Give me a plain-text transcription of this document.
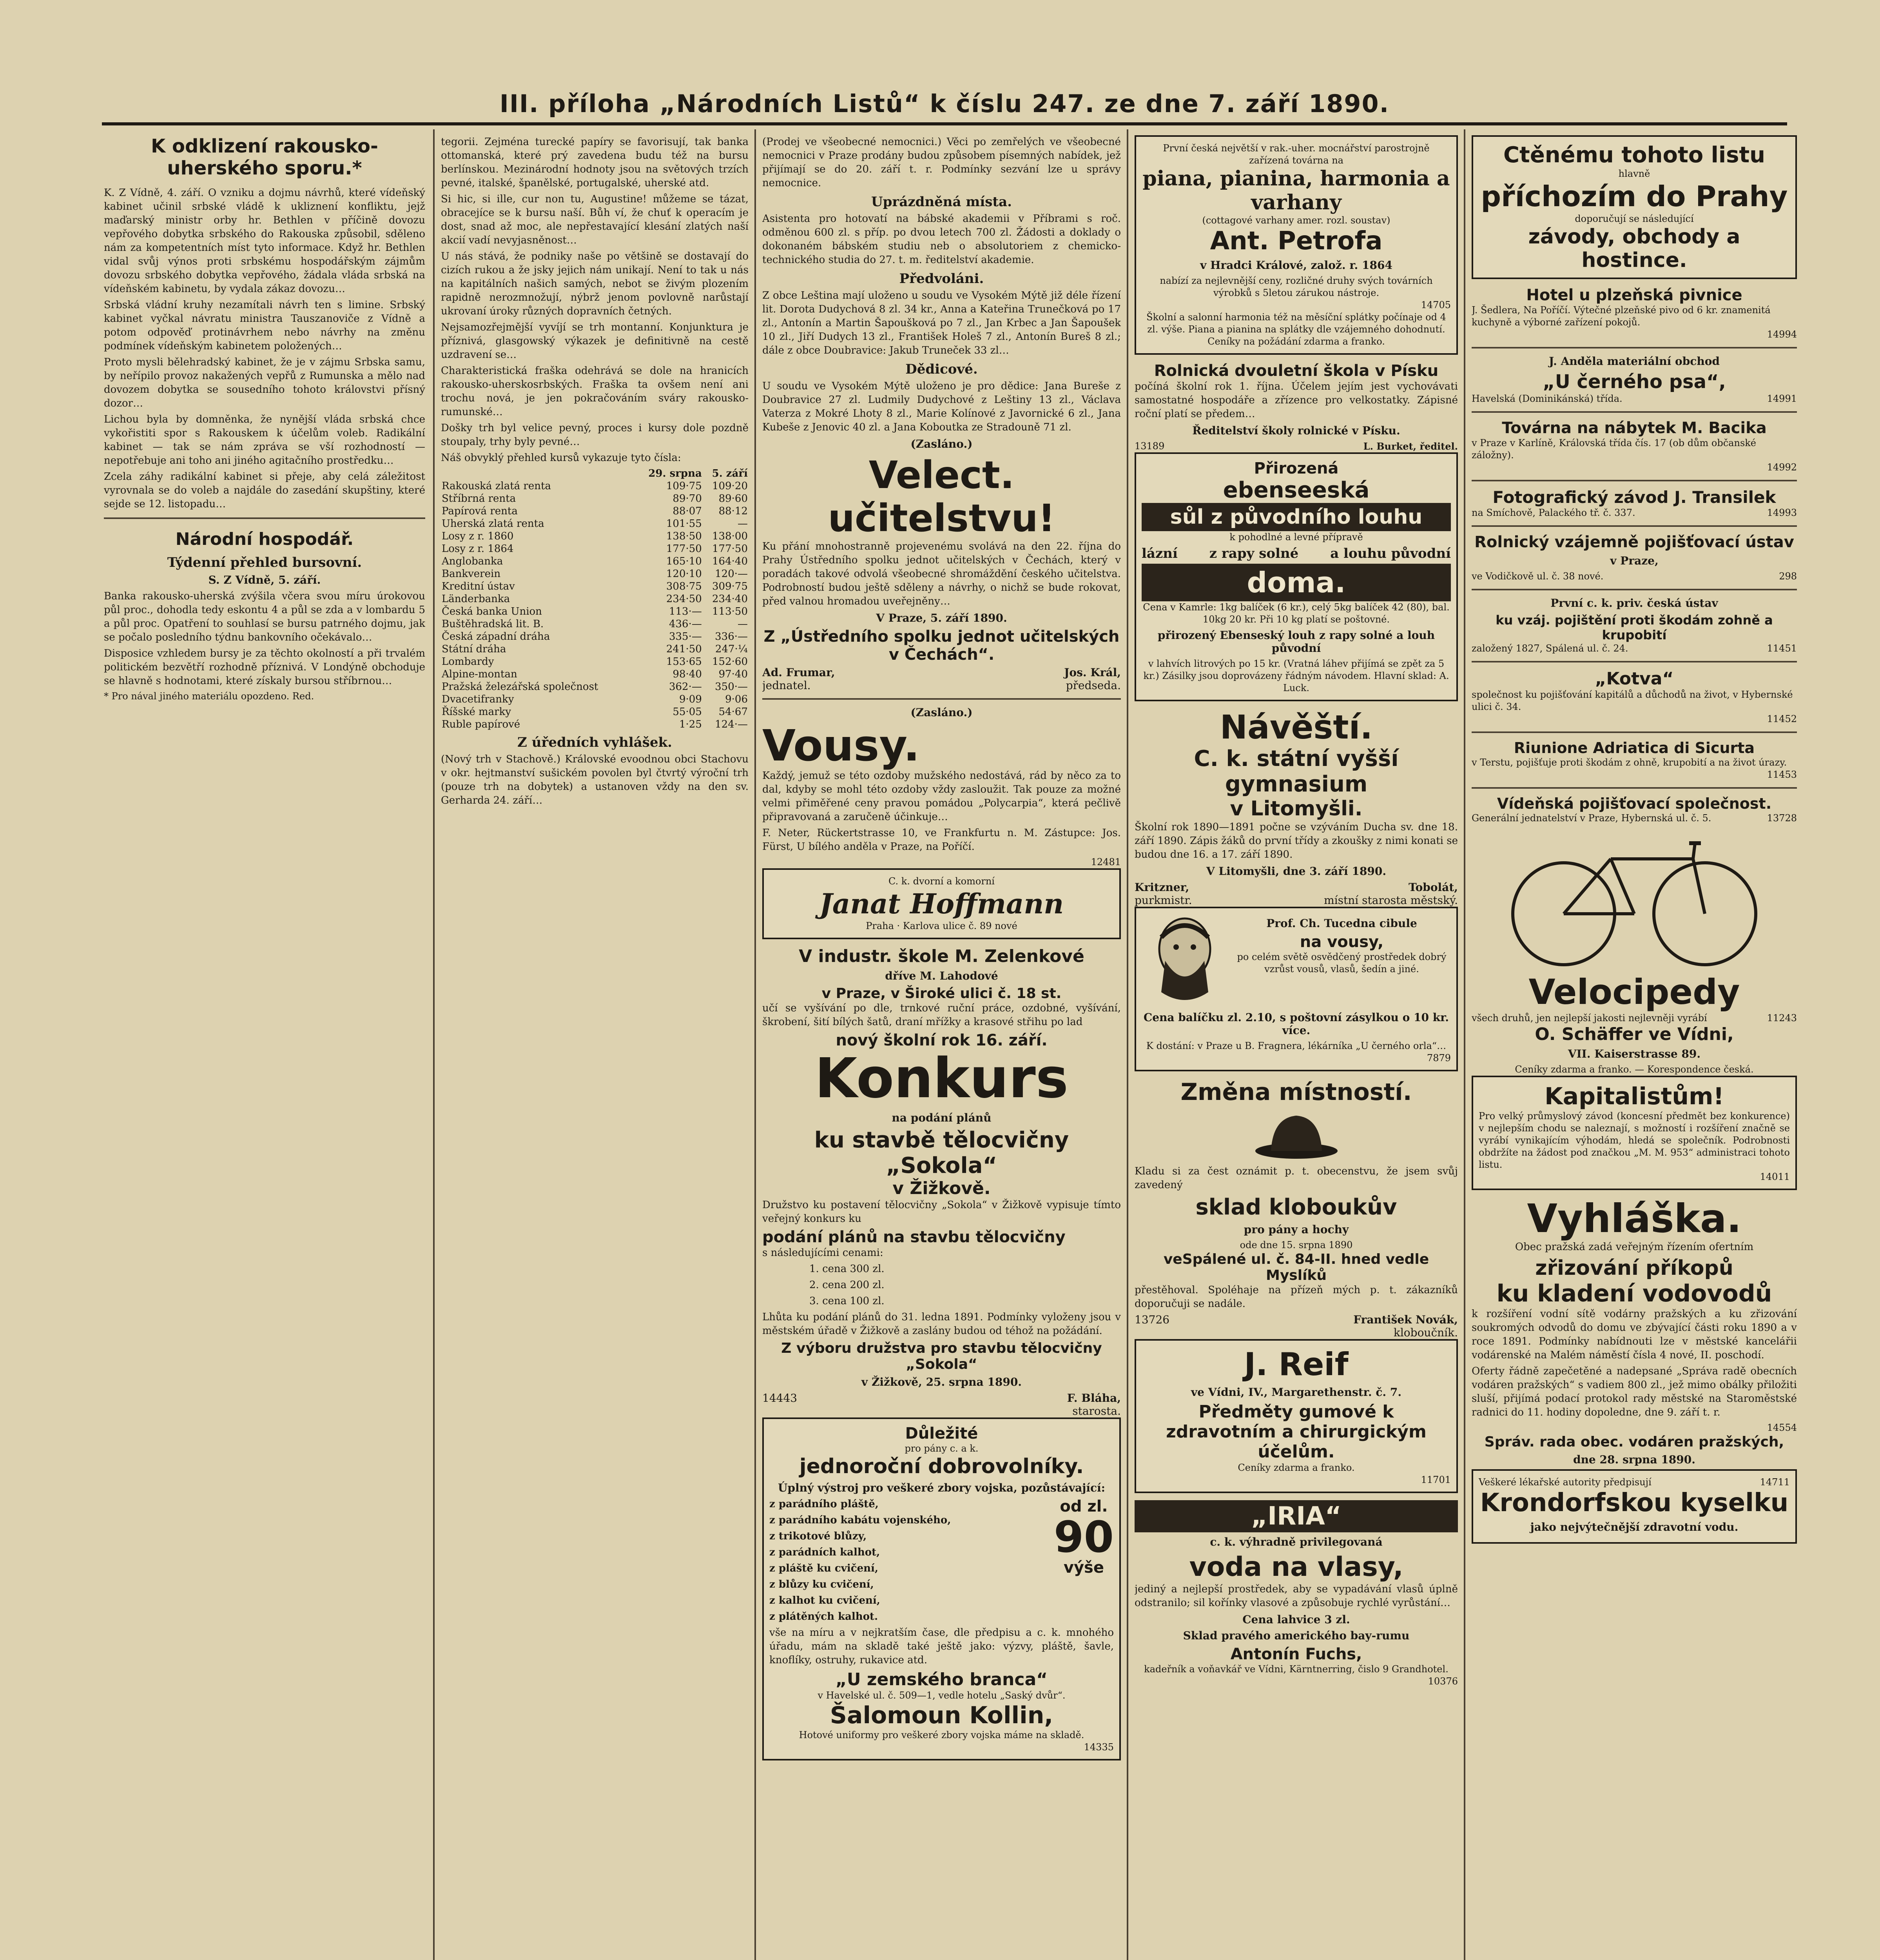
III. příloha „Národních Listů“ k číslu 247. ze dne 7. září 1890.
K odklizení rakousko-uherského sporu.*

K. Z Vídně, 4. září. O vzniku a dojmu návrhů, které vídeňský kabinet učinil srbské vládě k ukliznení konfliktu, jejž maďarský ministr orby hr. Bethlen v příčině dovozu vepřového dobytka srbského do Rakouska způsobil, sděleno nám za kompetentních míst tyto informace. Když hr. Bethlen vidal svůj výnos proti srbskému hospodářským zájmům dovozu srbského dobytka vepřového, žádala vláda srbská na vídeňském kabinetu, by vydala zákaz dovozu…

Srbská vládní kruhy nezamítali návrh ten s limine. Srbský kabinet vyčkal návratu ministra Tauszanoviče z Vídně a potom odpověď protinávrhem nebo návrhy na změnu podmínek vídeňským kabinetem položených…

Proto mysli bělehradský kabinet, že je v zájmu Srbska samu, by neřípilo provoz nakažených vepřů z Rumunska a mělo nad dovozem dobytka se sousedního tohoto královstvi přísný dozor…

Lichou byla by domněnka, že nynější vláda srbská chce vykořistiti spor s Rakouskem k účelům voleb. Radikální kabinet — tak se nám zpráva se vší rozhodností — nepotřebuje ani toho ani jiného agitačního prostředku…

Zcela záhy radikální kabinet si přeje, aby celá záležitost vyrovnala se do voleb a najdále do zasedání skupštiny, které sejde se 12. listopadu…

Národní hospodář.
Týdenní přehled bursovní.
S. Z Vídně, 5. září.

Banka rakousko-uherská zvýšila včera svou míru úrokovou půl proc., dohodla tedy eskontu 4 a půl se zda a v lombardu 5 a půl proc. Opatření to souhlasí se bursu patrného dojmu, jak se počalo posledního týdnu bankovního očekávalo…

Disposice vzhledem bursy je za těchto okolností a při trvalém politickém bezvětří rozhodně příznivá. V Londýně obchoduje se hlavně s hodnotami, které získaly bursou stříbrnou…

* Pro nával jiného materiálu opozdeno. Red.

tegorii. Zejména turecké papíry se favorisují, tak banka ottomanská, které prý zavedena budu též na bursu berlínskou. Mezinárodní hodnoty jsou na světových trzích pevné, italské, španělské, portugalské, uherské atd.

Si hic, si ille, cur non tu, Augustine! můžeme se tázat, obracejíce se k bursu naší. Bůh ví, že chuť k operacím je dost, snad až moc, ale nepřestavající klesání zlatých naší akcií vadí nevyjasněnost…

U nás stává, že podniky naše po většině se dostavají do cizích rukou a že jsky jejich nám unikají. Není to tak u nás na kapitálních našich samých, nebot se živým plozením rapidně nerozmnožují, nýbrž jenom povlovně narůstají ukrovaní úroky různých dopravních četných.

Nejsamozřejmější vyvíjí se trh montanní. Konjunktura je příznivá, glasgowský výkazek je definitivně na cestě uzdravení se…

Charakteristická fraška odehrává se dole na hranicích rakousko-uherskosrbských. Fraška ta ovšem není ani trochu nová, je jen pokračováním sváry rakousko-rumunské…

Došky trh byl velice pevný, proces i kursy dole pozdně stoupaly, trhy byly pevné…

Náš obvyklý přehled kursů vykazuje tyto čísla:

	29. srpna	5. září
Rakouská zlatá renta	109·75	109·20
Stříbrná renta	89·70	89·60
Papírová renta	88·07	88·12
Uherská zlatá renta	101·55	—
Losy z r. 1860	138·50	138·00
Losy z r. 1864	177·50	177·50
Anglobanka	165·10	164·40
Bankverein	120·10	120·—
Kreditní ústav	308·75	309·75
Länderbanka	234·50	234·40
Česká banka Union	113·—	113·50
Buštěhradská lit. B.	436·—	—
Česká západní dráha	335·—	336·—
Státní dráha	241·50	247·¼
Lombardy	153·65	152·60
Alpine-montan	98·40	97·40
Pražská železářská společnost	362·—	350·—
Dvacetifranky	9·09	9·06
Říšské marky	55·05	54·67
Ruble papírové	1·25	124·—
Z úředních vyhlášek.

(Nový trh v Stachově.) Královské evoodnou obci Stachovu v okr. hejtmanství sušickém povolen byl čtvrtý výroční trh (pouze trh na dobytek) a ustanoven vždy na den sv. Gerharda 24. září…

(Prodej ve všeobecné nemocnici.) Věci po zemřelých ve všeobecné nemocnici v Praze prodány budou způsobem písemných nabídek, jež přijímají se do 20. září t. r. Podmínky sezvání lze u správy nemocnice.

Uprázdněná místa.

Asistenta pro hotovatí na bábské akademii v Příbrami s roč. odměnou 600 zl. s příp. po dvou letech 700 zl. Žádosti a doklady o dokonaném bábském studiu neb o absolutoriem z chemicko-technického studia do 27. t. m. ředitelství akademie.

Předvoláni.

Z obce Leština mají uloženo u soudu ve Vysokém Mýtě již déle řízení lit. Dorota Dudychová 8 zl. 34 kr., Anna a Kateřina Trunečková po 17 zl., Antonín a Martin Šapoušková po 7 zl., Jan Krbec a Jan Šapoušek 10 zl., Jiří Dudych 13 zl., František Holeš 7 zl., Antonín Bureš 8 zl.; dále z obce Doubravice: Jakub Truneček 33 zl…

Dědicové.

U soudu ve Vysokém Mýtě uloženo je pro dědice: Jana Bureše z Doubravice 27 zl. Ludmily Dudychové z Leštiny 13 zl., Václava Vaterza z Mokré Lhoty 8 zl., Marie Kolínové z Javornické 6 zl., Jana Kubeše z Jenovic 40 zl. a Jana Koboutka ze Stradouně 71 zl.

(Zasláno.)
Velect. učitelstvu!

Ku přání mnohostranně projevenému svolává na den 22. října do Prahy Ústředního spolku jednot učitelských v Čechách, který v poradách takové odvolá všeobecné shromáždění českého učitelstva. Podrobností budou ještě sděleny a návrhy, o nichž se bude rokovat, před valnou hromadou uveřejněny…

V Praze, 5. září 1890.
Z „Ústředního spolku jednot učitelských v Čechách“.
Ad. Frumar,
jednatel.
Jos. Král,
předseda.
(Zasláno.)
Vousy.

Každý, jemuž se této ozdoby mužského nedostává, rád by něco za to dal, kdyby se mohl této ozdoby vždy zasloužit. Tak pouze za možné velmi přiměřené ceny pravou pomádou „Polycarpia“, která pečlivě připravovaná a zaručeně účinkuje…

F. Neter, Rückertstrasse 10, ve Frankfurtu n. M. Zástupce: Jos. Fürst, U bílého anděla v Praze, na Poříčí.

12481
C. k. dvorní a komorní
Janat Hoffmann
Praha · Karlova ulice č. 89 nové
V industr. škole M. Zelenkové
dříve M. Lahodové
v Praze, v Široké ulici č. 18 st.

učí se vyšívání po dle, trnkové ruční práce, ozdobné, vyšívání, škrobení, šití bílých šatů, draní mřížky a krasové střihu po lad

nový školní rok 16. září.
Konkurs
na podání plánů
ku stavbě tělocvičny „Sokola“
v Žižkově.

Družstvo ku postavení tělocvičny „Sokola“ v Žižkově vypisuje tímto veřejný konkurs ku

podání plánů na stavbu tělocvičny

s následujícími cenami:

1. cena 300 zl.
2. cena 200 zl.
3. cena 100 zl.

Lhůta ku podání plánů do 31. ledna 1891. Podmínky vyloženy jsou v městském úřadě v Žižkově a zaslány budou od téhož na požádání.

Z výboru družstva pro stavbu tělocvičny „Sokola“
v Žižkově, 25. srpna 1890.
14443	F. Bláha,
starosta.
Důležité
pro pány c. a k.
jednoroční dobrovolníky.
Úplný výstroj pro veškeré zbory vojska, pozůstávající:
z parádního pláště,
z parádního kabátu vojenského,
z trikotové blůzy,
z parádních kalhot,
z pláště ku cvičení,
z blůzy ku cvičení,
z kalhot ku cvičení,
z plátěných kalhot.
od zl.
90
výše

vše na míru a v nejkratším čase, dle předpisu a c. k. mnohého úřadu, mám na skladě také ještě jako: výzvy, pláště, šavle, knoflíky, ostruhy, rukavice atd.

„U zemského branca“
v Havelské ul. č. 509—1, vedle hotelu „Saský dvůr“.
Šalomoun Kollin,
Hotové uniformy pro veškeré zbory vojska máme na skladě.
14335
První česká největší v rak.-uher. mocnářství parostrojně zařízená továrna na
piana, pianina, harmonia a varhany
(cottagové varhany amer. rozl. soustav)
Ant. Petrofa
v Hradci Králové, založ. r. 1864
nabízí za nejlevnější ceny, rozličné druhy svých továrních výrobků s 5letou zárukou nástroje.
14705
Školní a salonní harmonia též na měsíční splátky počínaje od 4 zl. výše. Piana a pianina na splátky dle vzájemného dohodnutí.
Ceníky na požádání zdarma a franko.
Rolnická dvouletní škola v Písku

počíná školní rok 1. října. Účelem jejím jest vychovávati samostatné hospodáře a zřízence pro velkostatky. Zápisné roční platí se předem…

Ředitelství školy rolnické v Písku.
13189	L. Burket, ředitel.
Přirozená
ebenseeská
sůl z původního louhu
k pohodlné a levné přípravě
lázní z rapy solné a louhu původní
doma.
Cena v Kamrle: 1kg balíček (6 kr.), celý 5kg balíček 42 (80), bal. 10kg 20 kr. Při 10 kg platí se poštovné.
přirozený Ebenseský louh z rapy solné a louh původní
v lahvích litrových po 15 kr. (Vratná láhev přijímá se zpět za 5 kr.) Zásilky jsou doprovázeny řádným návodem. Hlavní sklad: A. Luck.
Návěští.
C. k. státní vyšší gymnasium
v Litomyšli.

Školní rok 1890—1891 počne se vzýváním Ducha sv. dne 18. září 1890. Zápis žáků do první třídy a zkoušky z nimi konati se budou dne 16. a 17. září 1890.

V Litomyšli, dne 3. září 1890.
Kritzner,
purkmistr.
Tobolát,
místní starosta městský.
Prof. Ch. Tucedna cibule
na vousy,
po celém světě osvědčený prostředek dobrý vzrůst vousů, vlasů, šedín a jiné.
Cena balíčku zl. 2.10, s poštovní zásylkou o 10 kr. více.
K dostání: v Praze u B. Fragnera, lékárníka „U černého orla“…
7879
Změna místností.

Kladu si za čest oznámit p. t. obecenstvu, že jsem svůj zavedený

sklad kloboukův
pro pány a hochy
ode dne 15. srpna 1890
veSpálené ul. č. 84-II. hned vedle Myslíků

přestěhoval. Spoléhaje na přízeň mých p. t. zákazníků doporučuji se nadále.

13726	František Novák,
kloboučník.
J. Reif
ve Vídni, IV., Margarethenstr. č. 7.
Předměty gumové k zdravotním a chirurgickým účelům.
Ceníky zdarma a franko.
11701
„IRIA“
c. k. výhradně privilegovaná
voda na vlasy,

jediný a nejlepší prostředek, aby se vypadávání vlasů úplně odstranilo; sil kořínky vlasové a způsobuje rychlé vyrůstání…

Cena lahvice 3 zl.
Sklad pravého amerického bay-rumu
Antonín Fuchs,
kadeřník a voňavkář ve Vídni, Kärntnerring, čislo 9 Grandhotel.
10376
Ctěnému tohoto listu
hlavně
příchozím do Prahy
doporučují se následující
závody, obchody a hostince.
Hotel u plzeňská pivnice
J. Šedlera, Na Poříčí. Výtečné plzeňské pivo od 6 kr. znamenitá kuchyně a výborné zařízení pokojů.
14994
J. Anděla materiální obchod
„U černého psa“,
Havelská (Dominikánská) třída.	14991
Továrna na nábytek M. Bacika
v Praze v Karlíně, Královská třída čís. 17 (ob dům občanské záložny).
14992
Fotografický závod J. Transilek
na Smíchově, Palackého tř. č. 337.	14993
Rolnický vzájemně pojišťovací ústav
v Praze,
ve Vodičkově ul. č. 38 nové.	298
První c. k. priv. česká ústav
ku vzáj. pojištění proti škodám zohně a krupobití
založený 1827, Spálená ul. č. 24.	11451
„Kotva“
společnost ku pojišťování kapitálů a důchodů na život, v Hybernské ulici č. 34.
11452
Riunione Adriatica di Sicurta
v Terstu, pojišťuje proti škodám z ohně, krupobití a na život úrazy.
11453
Vídeňská pojišťovací společnost.
Generální jednatelství v Praze, Hybernská ul. č. 5.	13728
Velocipedy
všech druhů, jen nejlepší jakosti nejlevněji vyrábí	11243
O. Schäffer ve Vídni,
VII. Kaiserstrasse 89.
Ceníky zdarma a franko. — Korespondence česká.
Kapitalistům!
Pro velký průmyslový závod (koncesní předmět bez konkurence) v nejlepším chodu se naleznají, s možností i rozšíření značně se vyrábí vynikajícím výhodám, hledá se společník. Podrobnosti obdržíte na žádost pod značkou „M. M. 953“ administraci tohoto listu.
14011
Vyhláška.

Obec pražská zadá veřejným řízením ofertním

zřizování příkopů
ku kladení vodovodů

k rozšíření vodní sítě vodárny pražských a ku zřizování soukromých odvodů do domu ve zbývající části roku 1890 a v roce 1891. Podmínky nabídnouti lze v městské kancelářii vodárenské na Malém náměstí čísla 4 nové, II. poschodí.

Oferty řádně zapečetěné a nadepsané „Správa radě obecních vodáren pražských“ s vadiem 800 zl., jež mimo obálky přiložiti sluší, přijímá podací protokol rady městské na Staroměstské radnici do 11. hodiny dopoledne, dne 9. září t. r.

14554
Správ. rada obec. vodáren pražských,
dne 28. srpna 1890.
Veškeré lékařské autority předpisují	14711
Krondorfskou kyselku
jako nejvýtečnější zdravotní vodu.
